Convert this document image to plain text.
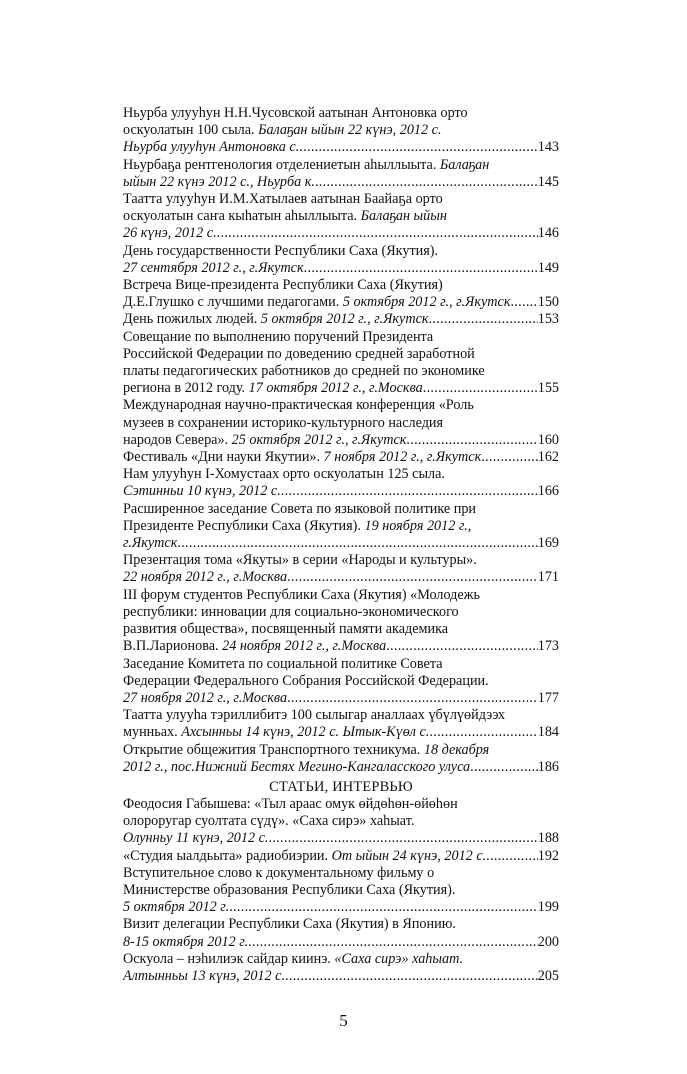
Ньурба улууһун Н.Н.Чусовской аатынан Антоновка орто
оскуолатын 100 сыла. Балаҕан ыйын 22 күнэ, 2012 с.
Ньурба улууһун Антоновка с. .....	143
Ньурбаҕа рентгенология отделениетын аһыллыыта. Балаҕан
ыйын 22 күнэ 2012 с., Ньурба к. .....	145
Таатта улууһун И.М.Хатылаев аатынан Баайаҕа орто
оскуолатын саҥа кыһатын аһыллыыта. Балаҕан ыйын
26 күнэ, 2012 с. .....	146
День государственности Республики Саха (Якутия).
27 сентября 2012 г., г.Якутск .....	149
Встреча Вице-президента Республики Саха (Якутия)
Д.Е.Глушко с лучшими педагогами. 5 октября 2012 г., г.Якутск ..... 150
День пожилых людей. 5 октября 2012 г., г.Якутск .....	153
Совещание по выполнению поручений Президента
Российской Федерации по доведению средней заработной
платы педагогических работников до средней по экономике
региона в 2012 году. 17 октября 2012 г., г.Москва .....	155
Международная научно-практическая конференция «Роль
музеев в сохранении историко-культурного наследия
народов Севера». 25 октября 2012 г., г.Якутск .....	160
Фестиваль «Дни науки Якутии». 7 ноября 2012 г., г.Якутск .....	162
Нам улууһун I-Хомустаах орто оскуолатын 125 сыла.
Сэтинньи 10 күнэ, 2012 с. .....	166
Расширенное заседание Совета по языковой политике при
Президенте Республики Саха (Якутия). 19 ноября 2012 г.,
г.Якутск .....	169
Презентация тома «Якуты» в серии «Народы и культуры».
22 ноября 2012 г., г.Москва .....	171
III форум студентов Республики Саха (Якутия) «Молодежь
республики: инновации для социально-экономического
развития общества», посвященный памяти академика
В.П.Ларионова. 24 ноября 2012 г., г.Москва .....	173
Заседание Комитета по социальной политике Совета
Федерации Федерального Собрания Российской Федерации.
27 ноября 2012 г., г.Москва .....	177
Таатта улууһа тэриллибитэ 100 сылыгар аналлаах үбүлүөйдээх
мунньах. Ахсынньы 14 күнэ, 2012 с. Ытык-Күөл с. .....	184
Открытие общежития Транспортного техникума. 18 декабря
2012 г., пос.Нижний Бестях Мегино-Кангаласского улуса .....	186
СТАТЬИ, ИНТЕРВЬЮ
Феодосия Габышева: «Тыл араас омук өйдөһөн-өйөһөн
олороругар суолтата сүдү». «Саха сирэ» хаһыат.
Олунньу 11 күнэ, 2012 с. .....	188
«Студия ыалдьыта» радиобиэрии. От ыйын 24 күнэ, 2012 с. .....	192
Вступительное слово к документальному фильму о
Министерстве образования Республики Саха (Якутия).
5 октября 2012 г. .....	199
Визит делегации Республики Саха (Якутия) в Японию.
8-15 октября 2012 г. .....	200
Оскуола – нэһилиэк сайдар киинэ. «Саха сирэ» хаһыат.
Алтынньы 13 күнэ, 2012 с. .....	205
5
